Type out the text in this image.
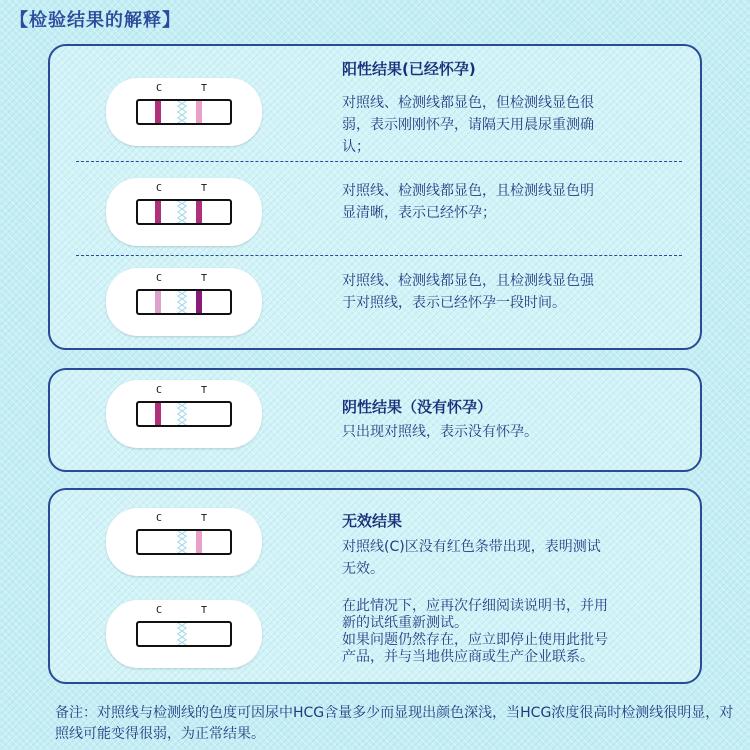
【检验结果的解释】
阳性结果(已经怀孕)
C	T
对照线、检测线都显色，但检测线显色很
弱，表示刚刚怀孕，请隔天用晨尿重测确
认；
C	T	对照线、检测线都显色，且检测线显色明
显清晰，表示已经怀孕；
C	T	对照线、检测线都显色，且检测线显色强
于对照线，表示已经怀孕一段时间。
C	T
阴性结果（没有怀孕）
只出现对照线，表示没有怀孕。
无效结果
C	T
对照线(C)区没有红色条带出现，表明测试
无效。
C	T	在此情况下，应再次仔细阅读说明书，并用
新的试纸重新测试。
如果问题仍然存在，应立即停止使用此批号
产品，并与当地供应商或生产企业联系。
备注：对照线与检测线的色度可因尿中HCG含量多少而显现出颜色深浅，当HCG浓度很高时检测线很明显，对照线可能变得很弱，为正常结果。
